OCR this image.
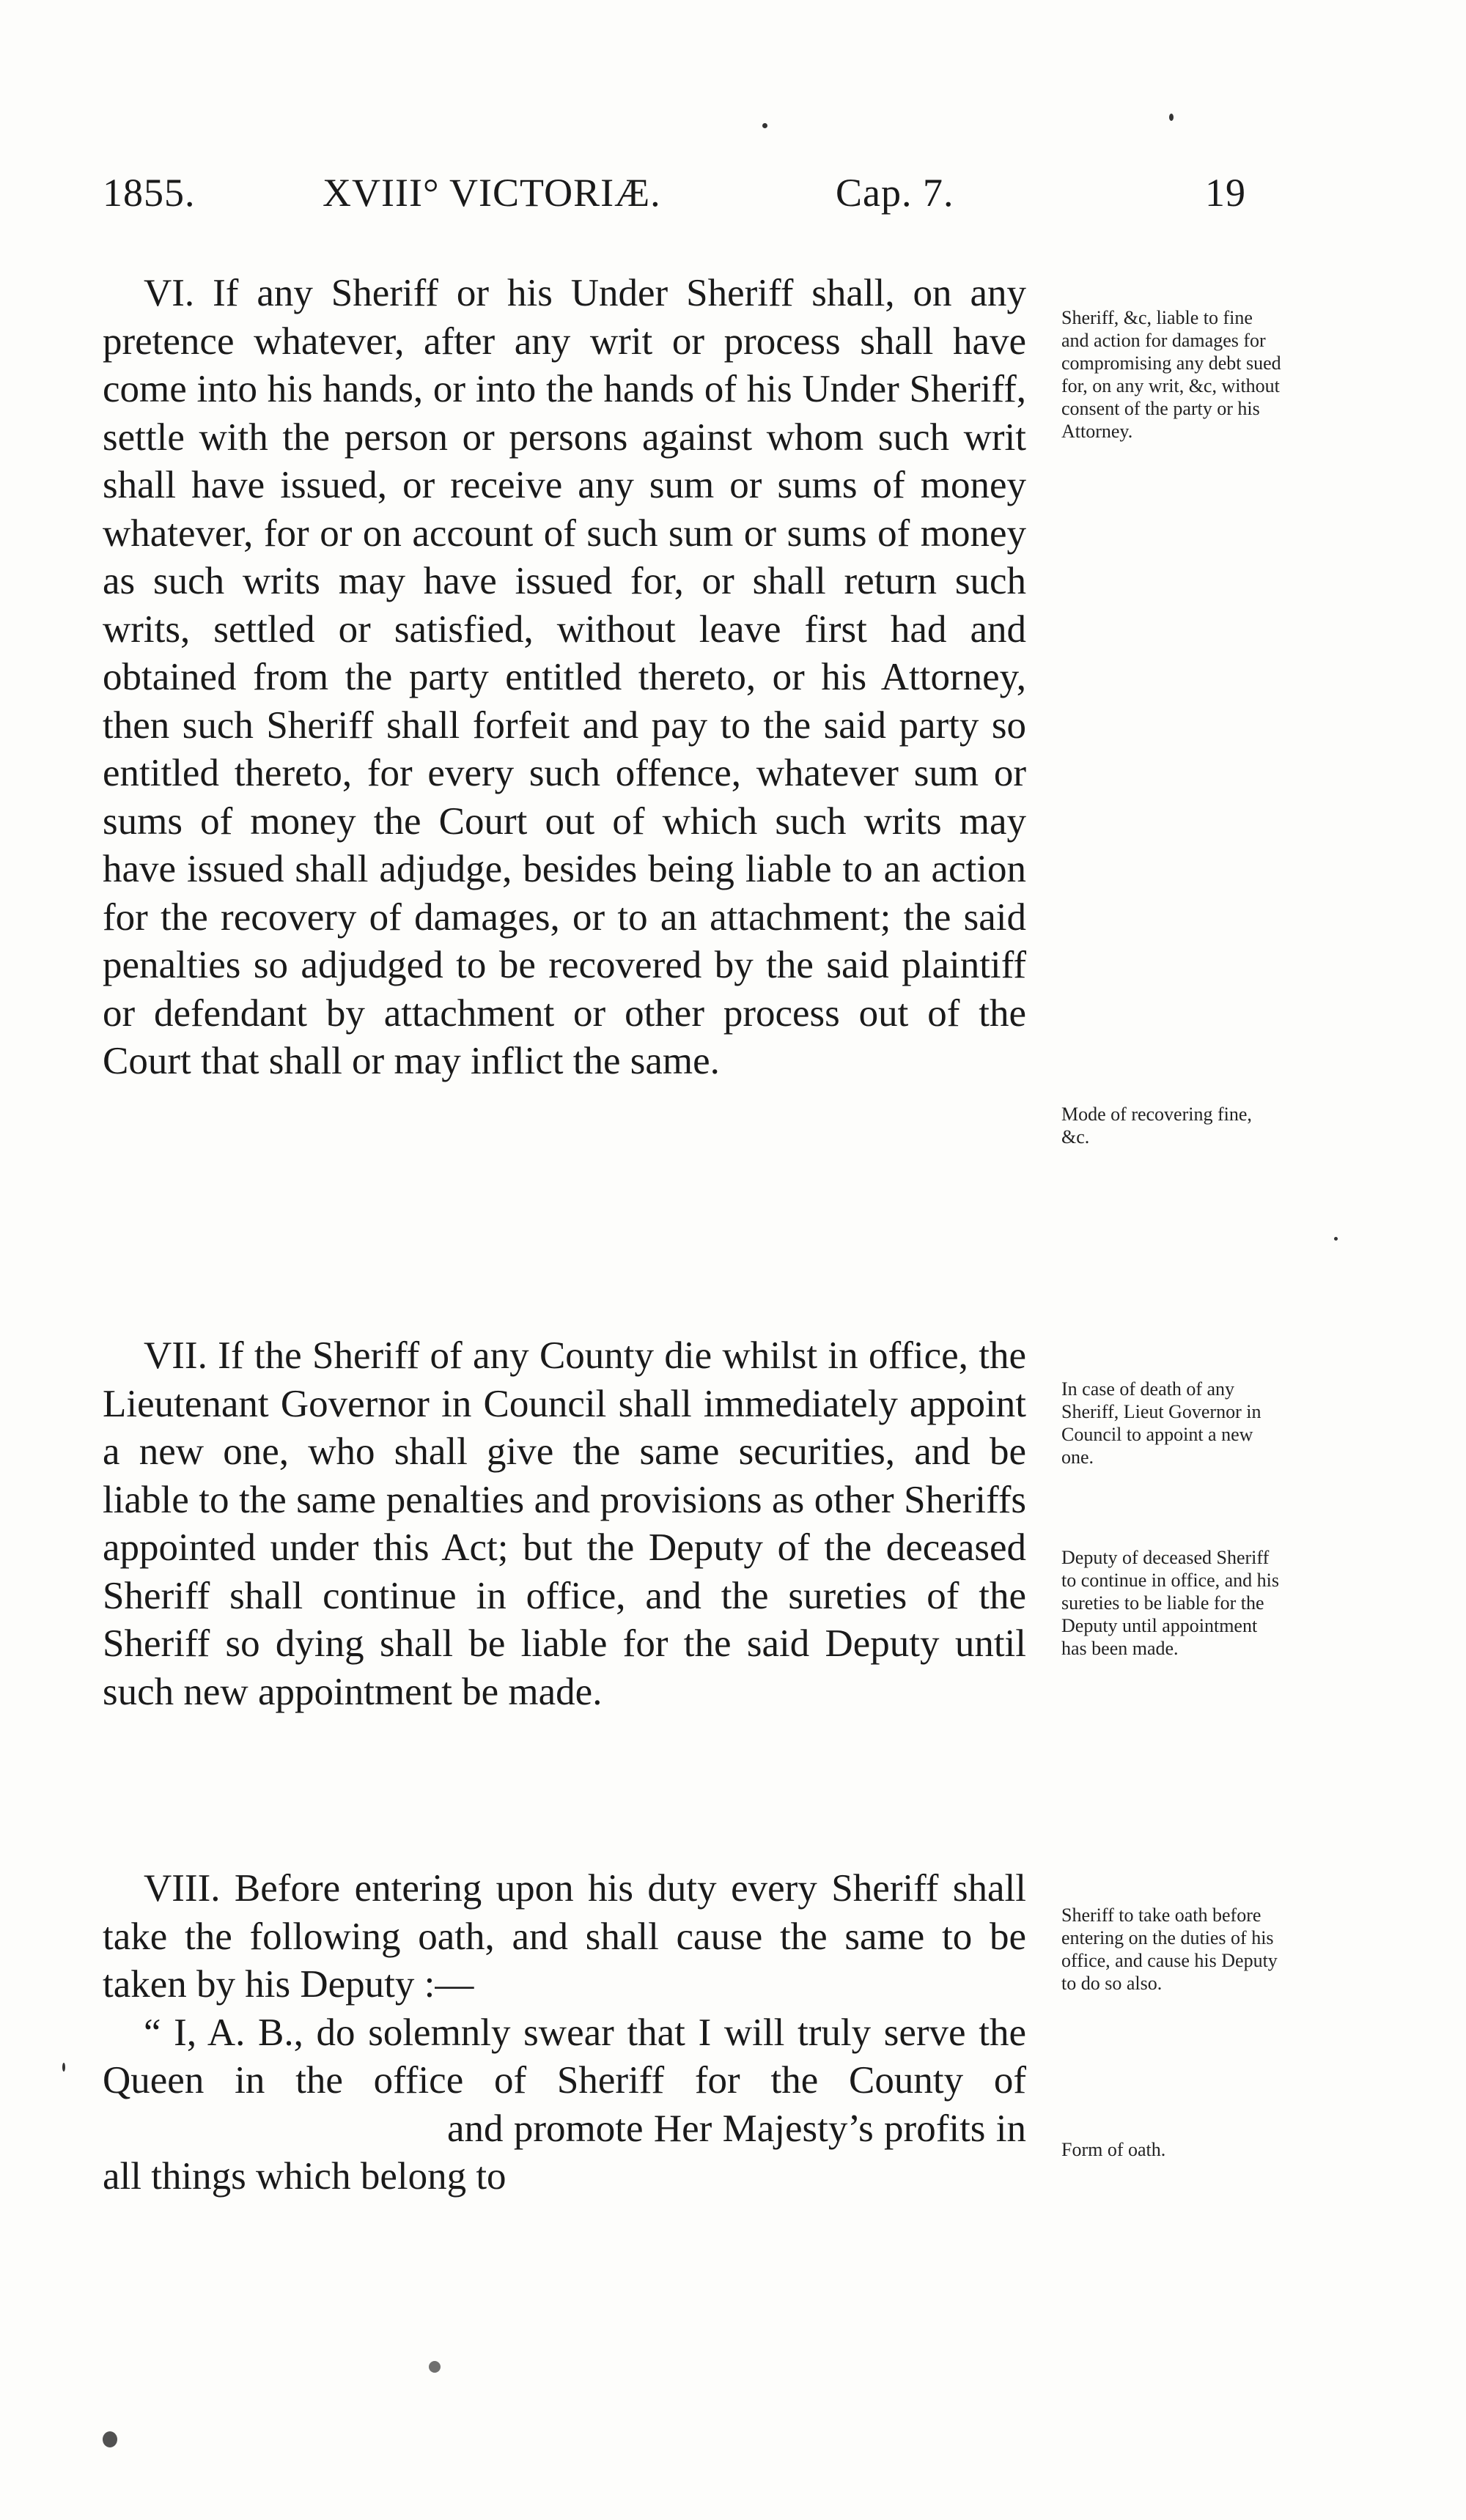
1855.	XVIII° VICTORIÆ.	Cap. 7.	19

VI. If any Sheriff or his Under Sheriff shall, on any pretence whatever, after any writ or process shall have come into his hands, or into the hands of his Under Sheriff, settle with the person or persons against whom such writ shall have issued, or receive any sum or sums of money whatever, for or on account of such sum or sums of money as such writs may have issued for, or shall return such writs, settled or satisfied, without leave first had and obtained from the party entitled thereto, or his Attorney, then such Sheriff shall forfeit and pay to the said party so entitled thereto, for every such offence, whatever sum or sums of money the Court out of which such writs may have issued shall adjudge, besides being liable to an action for the recovery of damages, or to an attachment; the said penalties so adjudged to be recovered by the said plaintiff or defendant by attachment or other process out of the Court that shall or may inflict the same.

VII. If the Sheriff of any County die whilst in office, the Lieutenant Governor in Council shall immediately appoint a new one, who shall give the same securities, and be liable to the same penalties and provisions as other Sheriffs appointed under this Act; but the Deputy of the deceased Sheriff shall continue in office, and the sureties of the Sheriff so dying shall be liable for the said Deputy until such new appointment be made.

VIII. Before entering upon his duty every Sheriff shall take the following oath, and shall cause the same to be taken by his Deputy :—

“ I, A. B., do solemnly swear that I will truly serve the Queen in the office of Sheriff for the County ofand promote Her Majesty’s profits in all things which belong to

Sheriff, &c, liable to fine and action for damages for compromising any debt sued for, on any writ, &c, without consent of the party or his Attorney.
Mode of recovering fine, &c.
In case of death of any Sheriff, Lieut Governor in Council to appoint a new one.
Deputy of deceased Sheriff to continue in office, and his sureties to be liable for the Deputy until appointment has been made.
Sheriff to take oath before entering on the duties of his office, and cause his Deputy to do so also.
Form of oath.
